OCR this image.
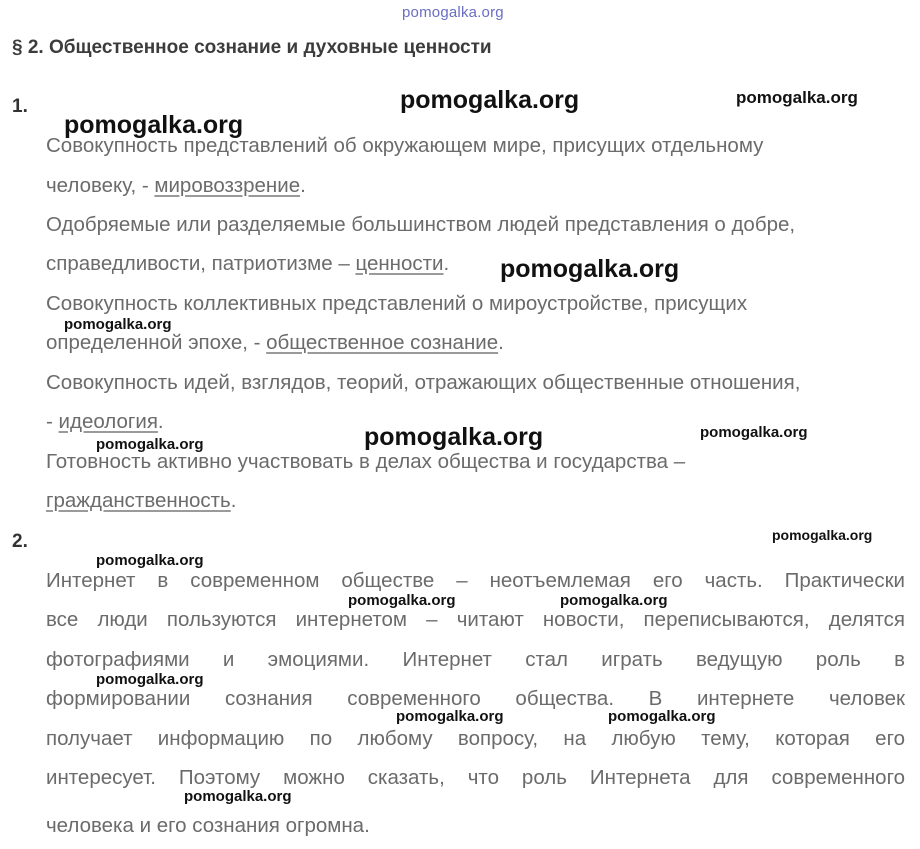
pomogalka.org
§ 2. Общественное сознание и духовные ценности
1.
Совокупность представлений об окружающем мире, присущих отдельному
человеку, - мировоззрение.
Одобряемые или разделяемые большинством людей представления о добре,
справедливости, патриотизме – ценности.
Совокупность коллективных представлений о мироустройстве, присущих
определенной эпохе, - общественное сознание.
Совокупность идей, взглядов, теорий, отражающих общественные отношения,
- идеология.
Готовность активно участвовать в делах общества и государства –
гражданственность.
2.
Интернет в современном обществе – неотъемлемая его часть. Практически
все люди пользуются интернетом – читают новости, переписываются, делятся
фотографиями и эмоциями. Интернет стал играть ведущую роль в
формировании сознания современного общества. В интернете человек
получает информацию по любому вопросу, на любую тему, которая его
интересует. Поэтому можно сказать, что роль Интернета для современного
человека и его сознания огромна.
pomogalka.org	pomogalka.org
pomogalka.org
pomogalka.org
pomogalka.org
pomogalka.org	pomogalka.org
pomogalka.org
pomogalka.org
pomogalka.org
pomogalka.org	pomogalka.org
pomogalka.org
pomogalka.org	pomogalka.org
pomogalka.org
